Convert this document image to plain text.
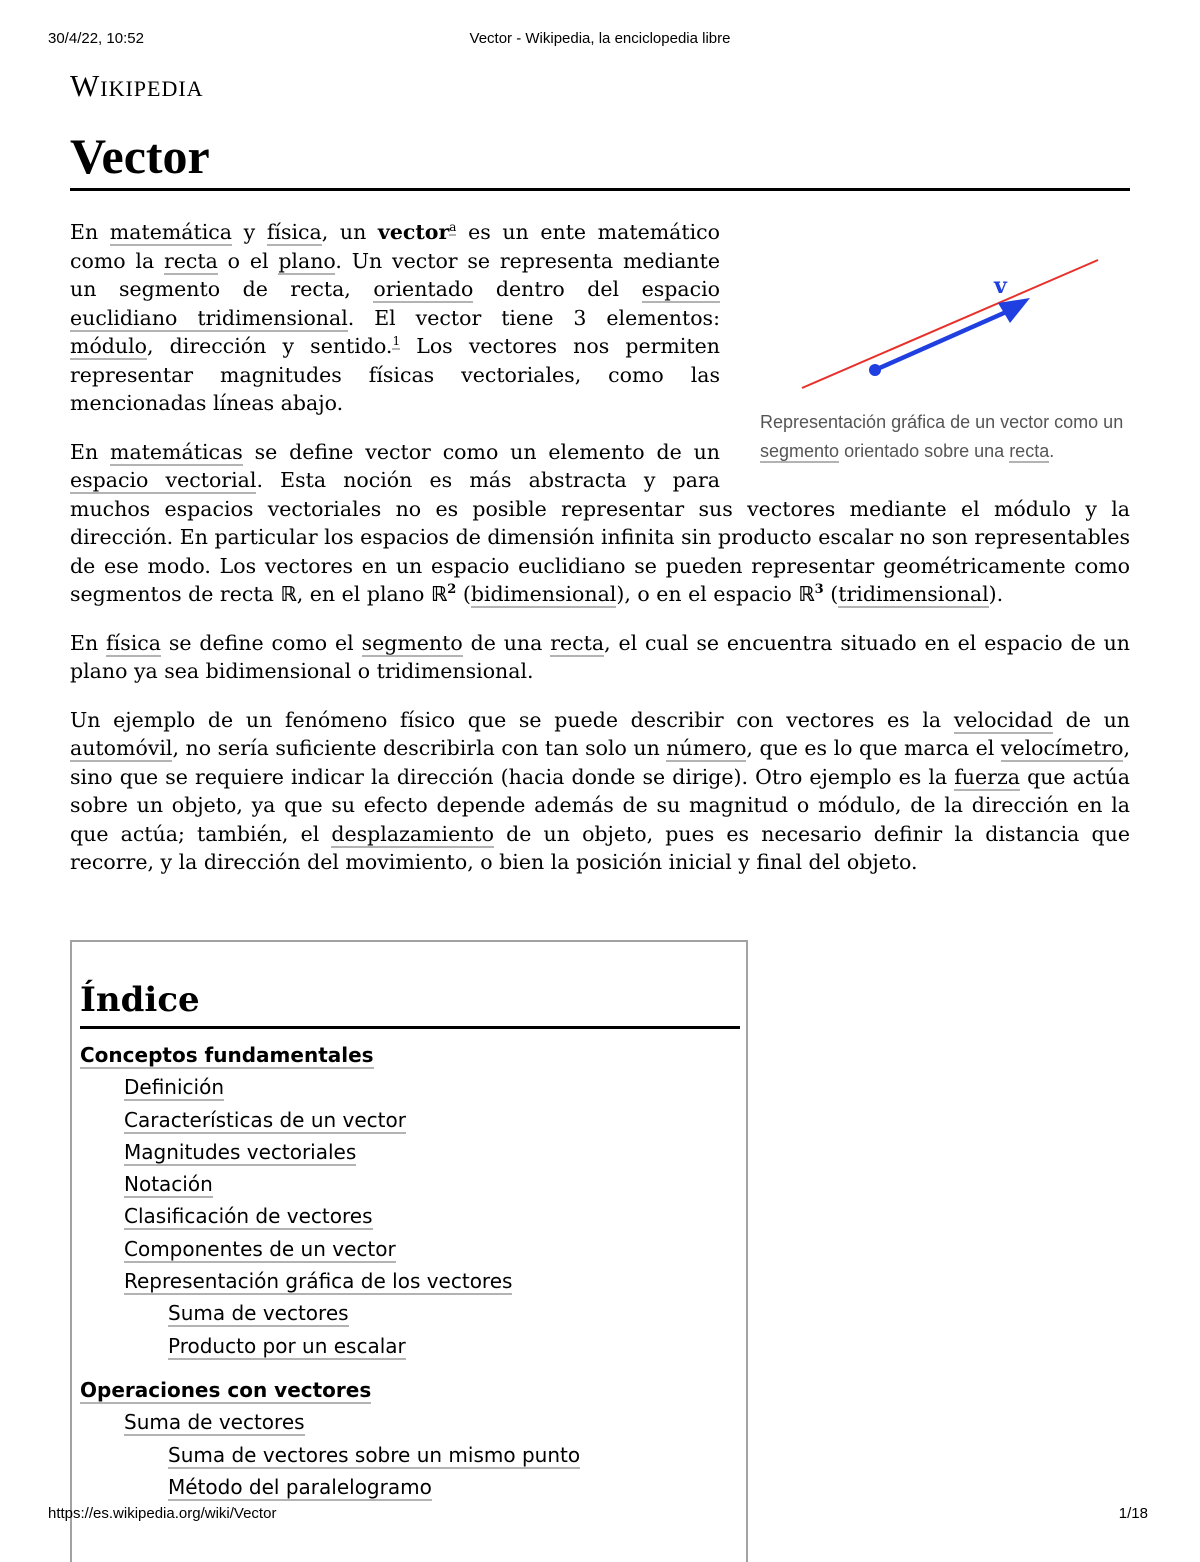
30/4/22, 10:52	Vector - Wikipedia, la enciclopedia libre
Wikipedia
Vector
v
Representación gráfica de un vector como un segmento orientado sobre una recta.

En matemática y física, un vector$^a$ es un ente matemático como la recta o el plano. Un vector se representa mediante un segmento de recta, orientado dentro del espacio euclidiano tridimensional. El vector tiene 3 elementos: módulo, dirección y sentido.$^1$ Los vectores nos permiten representar magnitudes físicas vectoriales, como las mencionadas líneas abajo.

En matemáticas se define vector como un elemento de un espacio vectorial. Esta noción es más abstracta y para muchos espacios vectoriales no es posible representar sus vectores mediante el módulo y la dirección. En particular los espacios de dimensión infinita sin producto escalar no son representables de ese modo. Los vectores en un espacio euclidiano se pueden representar geométricamente como segmentos de recta ℝ, en el plano ℝ$^2$ (bidimensional), o en el espacio ℝ$^3$ (tridimensional).

En física se define como el segmento de una recta, el cual se encuentra situado en el espacio de un plano ya sea bidimensional o tridimensional.

Un ejemplo de un fenómeno físico que se puede describir con vectores es la velocidad de un automóvil, no sería suficiente describirla con tan solo un número, que es lo que marca el velocímetro, sino que se requiere indicar la dirección (hacia donde se dirige). Otro ejemplo es la fuerza que actúa sobre un objeto, ya que su efecto depende además de su magnitud o módulo, de la dirección en la que actúa; también, el desplazamiento de un objeto, pues es necesario definir la distancia que recorre, y la dirección del movimiento, o bien la posición inicial y final del objeto.

Índice
Conceptos fundamentales
Definición
Características de un vector
Magnitudes vectoriales
Notación
Clasificación de vectores
Componentes de un vector
Representación gráfica de los vectores
Suma de vectores
Producto por un escalar
Operaciones con vectores
Suma de vectores
Suma de vectores sobre un mismo punto
Método del paralelogramo
https://es.wikipedia.org/wiki/Vector	1/18
